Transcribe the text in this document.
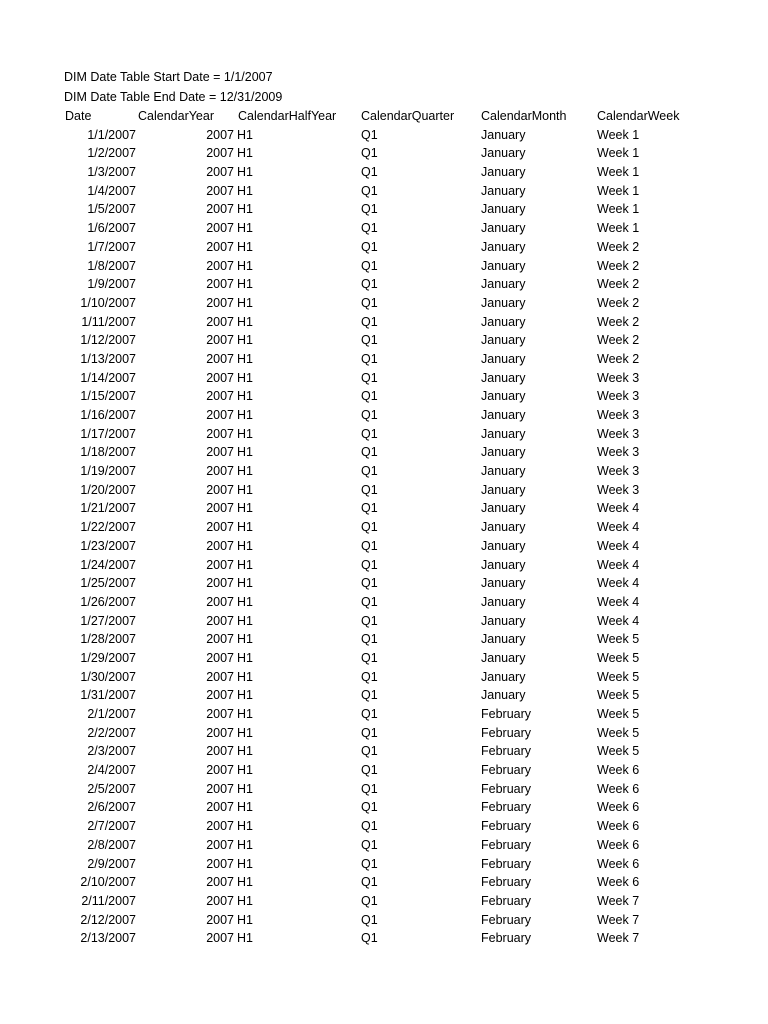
DIM Date Table Start Date = 1/1/2007
DIM Date Table End Date = 12/31/2009
Date	CalendarYear CalendarHalfYear CalendarQuarter CalendarMonth CalendarWeek
1/1/2007	2007 H1	Q1	January	Week 1
1/2/2007	2007 H1	Q1	January	Week 1
1/3/2007	2007 H1	Q1	January	Week 1
1/4/2007	2007 H1	Q1	January	Week 1
1/5/2007	2007 H1	Q1	January	Week 1
1/6/2007	2007 H1	Q1	January	Week 1
1/7/2007	2007 H1	Q1	January	Week 2
1/8/2007	2007 H1	Q1	January	Week 2
1/9/2007	2007 H1	Q1	January	Week 2
1/10/2007	2007 H1	Q1	January	Week 2
1/11/2007	2007 H1	Q1	January	Week 2
1/12/2007	2007 H1	Q1	January	Week 2
1/13/2007	2007 H1	Q1	January	Week 2
1/14/2007	2007 H1	Q1	January	Week 3
1/15/2007	2007 H1	Q1	January	Week 3
1/16/2007	2007 H1	Q1	January	Week 3
1/17/2007	2007 H1	Q1	January	Week 3
1/18/2007	2007 H1	Q1	January	Week 3
1/19/2007	2007 H1	Q1	January	Week 3
1/20/2007	2007 H1	Q1	January	Week 3
1/21/2007	2007 H1	Q1	January	Week 4
1/22/2007	2007 H1	Q1	January	Week 4
1/23/2007	2007 H1	Q1	January	Week 4
1/24/2007	2007 H1	Q1	January	Week 4
1/25/2007	2007 H1	Q1	January	Week 4
1/26/2007	2007 H1	Q1	January	Week 4
1/27/2007	2007 H1	Q1	January	Week 4
1/28/2007	2007 H1	Q1	January	Week 5
1/29/2007	2007 H1	Q1	January	Week 5
1/30/2007	2007 H1	Q1	January	Week 5
1/31/2007	2007 H1	Q1	January	Week 5
2/1/2007	2007 H1	Q1	February	Week 5
2/2/2007	2007 H1	Q1	February	Week 5
2/3/2007	2007 H1	Q1	February	Week 5
2/4/2007	2007 H1	Q1	February	Week 6
2/5/2007	2007 H1	Q1	February	Week 6
2/6/2007	2007 H1	Q1	February	Week 6
2/7/2007	2007 H1	Q1	February	Week 6
2/8/2007	2007 H1	Q1	February	Week 6
2/9/2007	2007 H1	Q1	February	Week 6
2/10/2007	2007 H1	Q1	February	Week 6
2/11/2007	2007 H1	Q1	February	Week 7
2/12/2007	2007 H1	Q1	February	Week 7
2/13/2007	2007 H1	Q1	February	Week 7
